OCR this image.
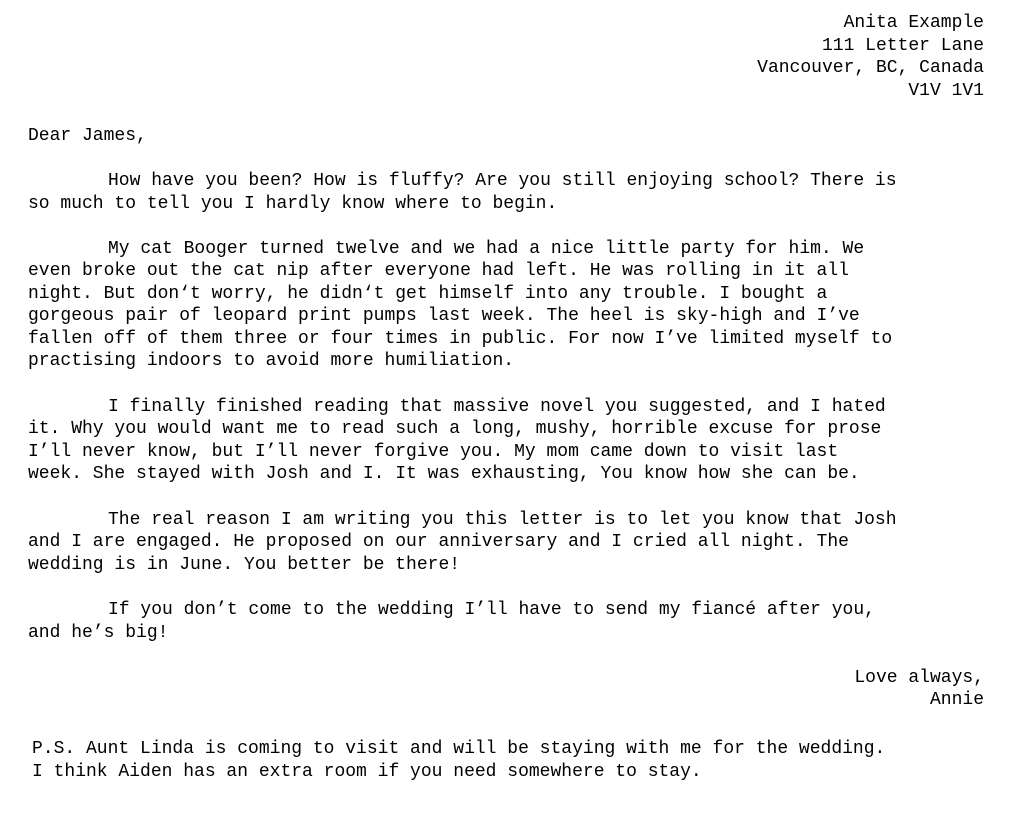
Anita Example

111 Letter Lane

Vancouver, BC, Canada

V1V 1V1

Dear James,

How have you been? How is fluffy? Are you still enjoying school? There is

so much to tell you I hardly know where to begin.

My cat Booger turned twelve and we had a nice little party for him. We

even broke out the cat nip after everyone had left. He was rolling in it all

night. But don‘t worry, he didn‘t get himself into any trouble. I bought a

gorgeous pair of leopard print pumps last week. The heel is sky-high and I’ve

fallen off of them three or four times in public. For now I’ve limited myself to

practising indoors to avoid more humiliation.

I finally finished reading that massive novel you suggested, and I hated

it. Why you would want me to read such a long, mushy, horrible excuse for prose

I’ll never know, but I’ll never forgive you. My mom came down to visit last

week. She stayed with Josh and I. It was exhausting, You know how she can be.

The real reason I am writing you this letter is to let you know that Josh

and I are engaged. He proposed on our anniversary and I cried all night. The

wedding is in June. You better be there!

If you don’t come to the wedding I’ll have to send my fiancé after you,

and he’s big!

Love always,

Annie

P.S. Aunt Linda is coming to visit and will be staying with me for the wedding.

I think Aiden has an extra room if you need somewhere to stay.
